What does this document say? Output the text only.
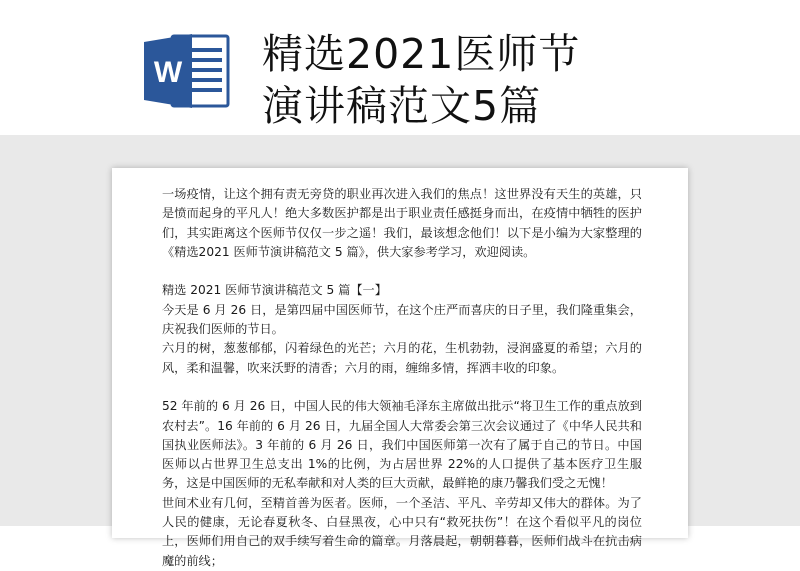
W 精选2021医师节
演讲稿范文5篇

一场疫情，让这个拥有责无旁贷的职业再次进入我们的焦点！这世界没有天生的英雄，只是愤而起身的平凡人！绝大多数医护都是出于职业责任感挺身而出，在疫情中牺牲的医护们，其实距离这个医师节仅仅一步之遥！我们，最该想念他们！以下是小编为大家整理的《精选2021 医师节演讲稿范文 5 篇》，供大家参考学习，欢迎阅读。

精选 2021 医师节演讲稿范文 5 篇【一】

今天是 6 月 26 日，是第四届中国医师节，在这个庄严而喜庆的日子里，我们隆重集会，庆祝我们医师的节日。

六月的树，葱葱郁郁，闪着绿色的光芒；六月的花，生机勃勃，浸润盛夏的希望；六月的风，柔和温馨，吹来沃野的清香；六月的雨，缠绵多情，挥洒丰收的印象。

52 年前的 6 月 26 日，中国人民的伟大领袖毛泽东主席做出批示“将卫生工作的重点放到农村去”。16 年前的 6 月 26 日，九届全国人大常委会第三次会议通过了《中华人民共和国执业医师法》。3 年前的 6 月 26 日，我们中国医师第一次有了属于自己的节日。中国医师以占世界卫生总支出 1%的比例，为占居世界 22%的人口提供了基本医疗卫生服务，这是中国医师的无私奉献和对人类的巨大贡献，最鲜艳的康乃馨我们受之无愧！

世间术业有几何，至精首善为医者。医师，一个圣洁、平凡、辛劳却又伟大的群体。为了人民的健康，无论春夏秋冬、白昼黑夜，心中只有“救死扶伤”！在这个看似平凡的岗位上，医师们用自己的双手续写着生命的篇章。月落晨起，朝朝暮暮，医师们战斗在抗击病魔的前线；
